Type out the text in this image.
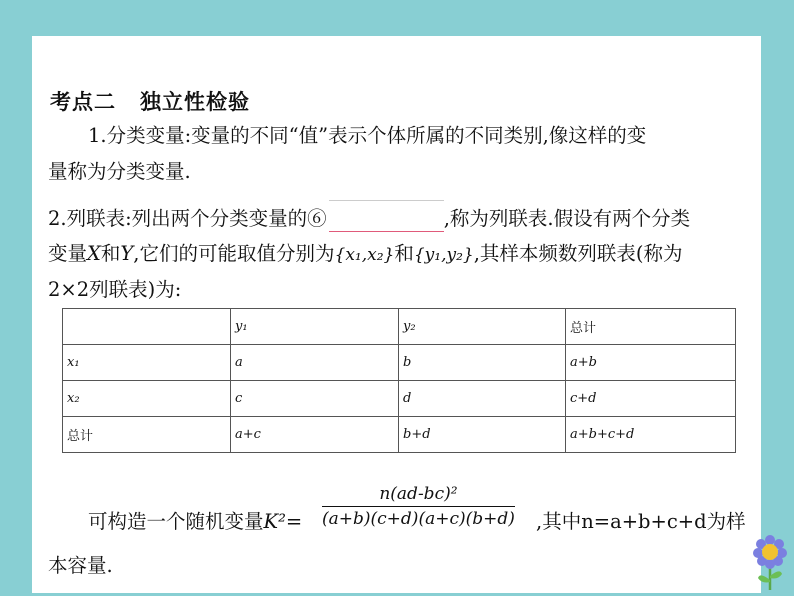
考点二 独立性检验
1.分类变量:变量的不同“值”表示个体所属的不同类别,像这样的变
量称为分类变量.
2.列联表:列出两个分类变量的⑥	,称为列联表.假设有两个分类
变量X和Y,它们的可能取值分别为{x₁,x₂}和{y₁,y₂},其样本频数列联表(称为
2×2列联表)为:
	y₁	y₂	总计
x₁	a	b	a+b
x₂	c	d	c+d
总计	a+c	b+d	a+b+c+d
可构造一个随机变量$K^2= \frac{\text{n(ad-bc)²}}{(a+b)(c+d)(a+c)(b+d)}$ ,其中n=a+b+c+d为样
本容量.
